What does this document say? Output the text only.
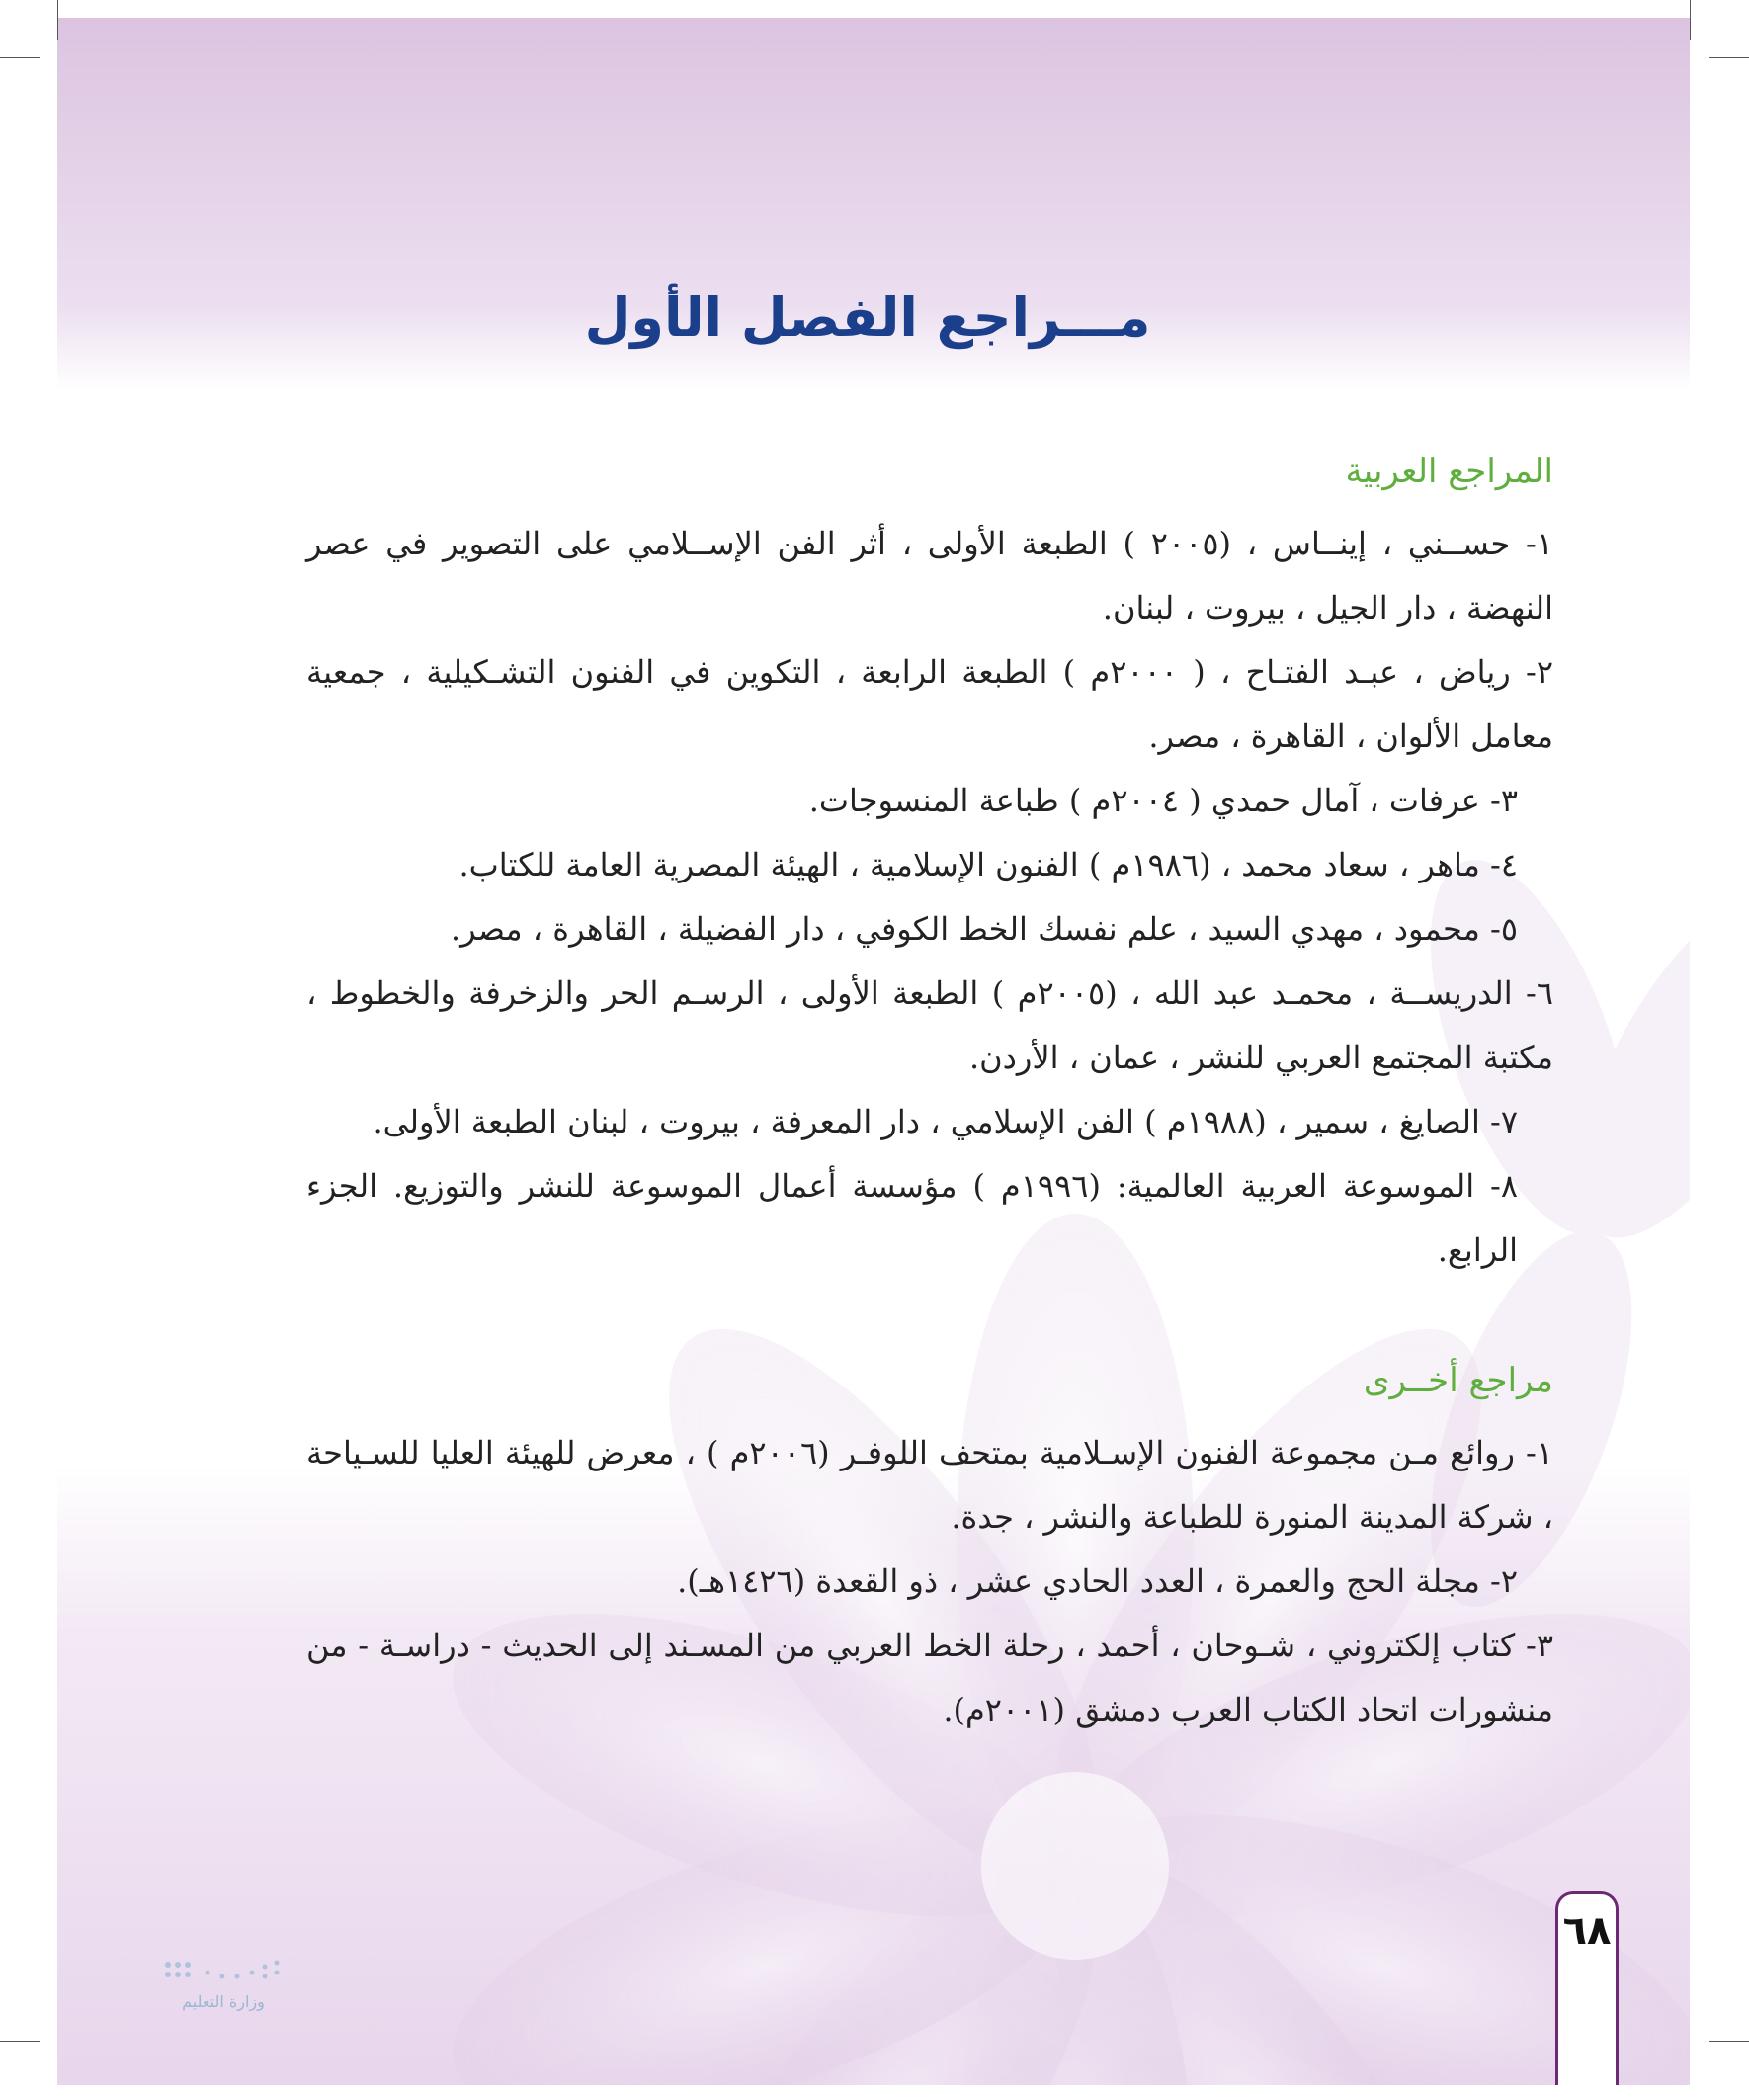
مـــراجع الفصل الأول
المراجع العربية

١- حســني ، إينــاس ، (٢٠٠٥ ) الطبعة الأولى ، أثر الفن الإســلامي على التصوير في عصر النهضة ، دار الجيل ، بيروت ، لبنان.

٢- رياض ، عبـد الفتـاح ، ( ٢٠٠٠م ) الطبعة الرابعة ، التكوين في الفنون التشـكيلية ، جمعية معامل الألوان ، القاهرة ، مصر.

٣- عرفات ، آمال حمدي ( ٢٠٠٤م ) طباعة المنسوجات.

٤- ماهر ، سعاد محمد ، (١٩٨٦م ) الفنون الإسلامية ، الهيئة المصرية العامة للكتاب.

٥- محمود ، مهدي السيد ، علم نفسك الخط الكوفي ، دار الفضيلة ، القاهرة ، مصر.

٦- الدريســة ، محمـد عبد الله ، (٢٠٠٥م ) الطبعة الأولى ، الرسـم الحر والزخرفة والخطوط ، مكتبة المجتمع العربي للنشر ، عمان ، الأردن.

٧- الصايغ ، سمير ، (١٩٨٨م ) الفن الإسلامي ، دار المعرفة ، بيروت ، لبنان الطبعة الأولى.

٨- الموسوعة العربية العالمية: (١٩٩٦م ) مؤسسة أعمال الموسوعة للنشر والتوزيع. الجزء الرابع.

مراجع أخــرى

١- روائع مـن مجموعة الفنون الإسـلامية بمتحف اللوفـر (٢٠٠٦م ) ، معرض للهيئة العليا للسـياحة ، شركة المدينة المنورة للطباعة والنشر ، جدة.

٢- مجلة الحج والعمرة ، العدد الحادي عشر ، ذو القعدة (١٤٢٦هـ).

٣- كتاب إلكتروني ، شـوحان ، أحمد ، رحلة الخط العربي من المسـند إلى الحديث - دراسـة - من منشورات اتحاد الكتاب العرب دمشق (٢٠٠١م).

٦٨
وزارة التعليم
